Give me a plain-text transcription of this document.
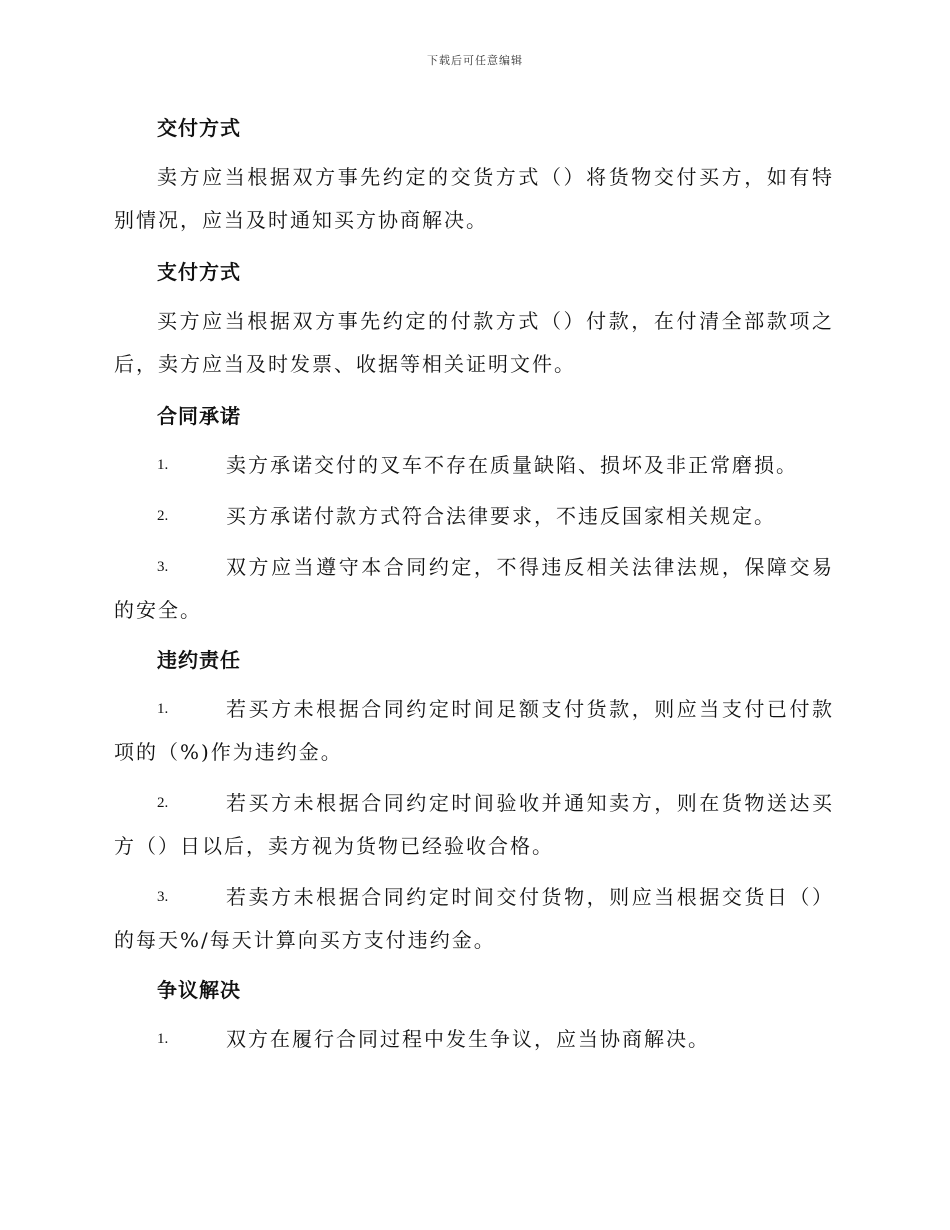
下载后可任意编辑
交付方式

卖方应当根据双方事先约定的交货方式（）将货物交付买方，如有特别情况，应当及时通知买方协商解决。

支付方式

买方应当根据双方事先约定的付款方式（）付款，在付清全部款项之后，卖方应当及时发票、收据等相关证明文件。

合同承诺

1.	卖方承诺交付的叉车不存在质量缺陷、损坏及非正常磨损。

2.	买方承诺付款方式符合法律要求，不违反国家相关规定。

3.	双方应当遵守本合同约定，不得违反相关法律法规，保障交易的安全。

违约责任

1.	若买方未根据合同约定时间足额支付货款，则应当支付已付款项的（%)作为违约金。

2.	若买方未根据合同约定时间验收并通知卖方，则在货物送达买方（）日以后，卖方视为货物已经验收合格。

3.	若卖方未根据合同约定时间交付货物，则应当根据交货日（）的每天%/每天计算向买方支付违约金。

争议解决

1.	双方在履行合同过程中发生争议，应当协商解决。
